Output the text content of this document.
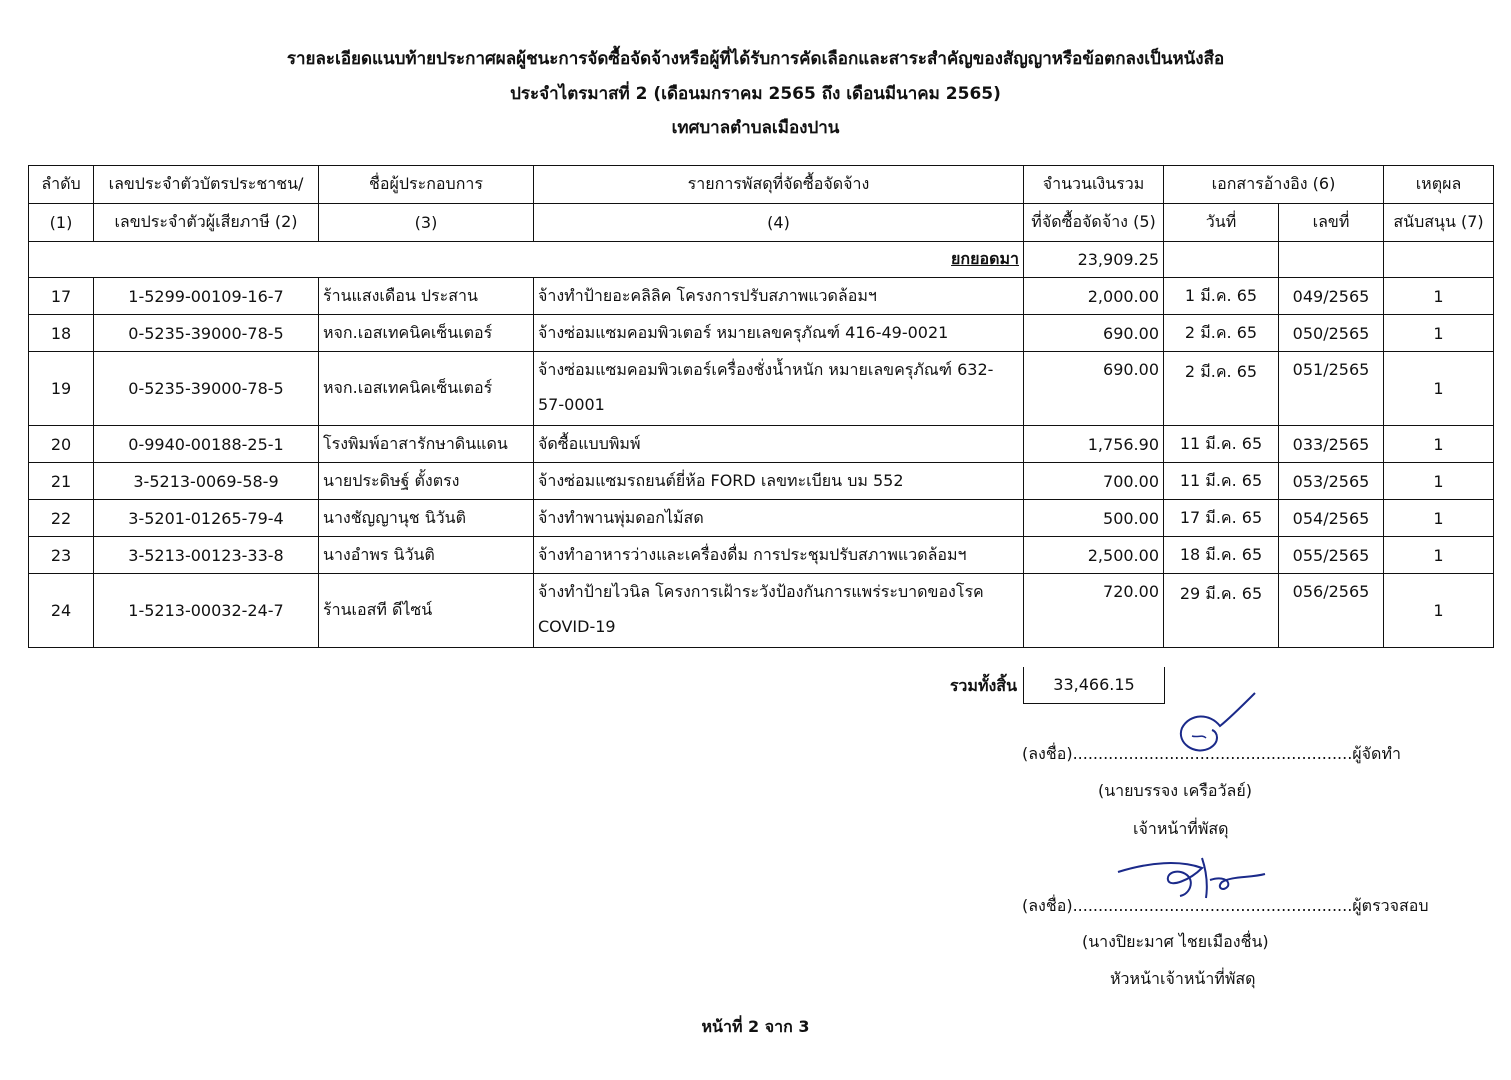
รายละเอียดแนบท้ายประกาศผลผู้ชนะการจัดซื้อจัดจ้างหรือผู้ที่ได้รับการคัดเลือกและสาระสำคัญของสัญญาหรือข้อตกลงเป็นหนังสือ
ประจำไตรมาสที่ 2 (เดือนมกราคม 2565 ถึง เดือนมีนาคม 2565)
เทศบาลตำบลเมืองปาน
ลำดับ	เลขประจำตัวบัตรประชาชน/	ชื่อผู้ประกอบการ	รายการพัสดุที่จัดซื้อจัดจ้าง	จำนวนเงินรวม	เอกสารอ้างอิง (6)		เหตุผล
(1)	เลขประจำตัวผู้เสียภาษี (2)	(3)	(4)	ที่จัดซื้อจัดจ้าง (5)	วันที่	เลขที่	สนับสนุน (7)
ยกยอดมา				23,909.25			
17	1-5299-00109-16-7	ร้านแสงเดือน ประสาน	จ้างทำป้ายอะคลิลิค โครงการปรับสภาพแวดล้อมฯ	2,000.00	1 มี.ค. 65	049/2565	1
18	0-5235-39000-78-5	หจก.เอสเทคนิคเซ็นเตอร์	จ้างซ่อมแซมคอมพิวเตอร์ หมายเลขครุภัณฑ์ 416-49-0021	690.00	2 มี.ค. 65	050/2565	1
19	0-5235-39000-78-5	หจก.เอสเทคนิคเซ็นเตอร์	จ้างซ่อมแซมคอมพิวเตอร์เครื่องชั่งน้ำหนัก หมายเลขครุภัณฑ์ 632-57-0001	690.00	2 มี.ค. 65	051/2565	1
20	0-9940-00188-25-1	โรงพิมพ์อาสารักษาดินแดน	จัดซื้อแบบพิมพ์	1,756.90	11 มี.ค. 65	033/2565	1
21	3-5213-0069-58-9	นายประดิษฐ์ ตั้งตรง	จ้างซ่อมแซมรถยนต์ยี่ห้อ FORD เลขทะเบียน บม 552	700.00	11 มี.ค. 65	053/2565	1
22	3-5201-01265-79-4	นางชัญญานุช นิวันติ	จ้างทำพานพุ่มดอกไม้สด	500.00	17 มี.ค. 65	054/2565	1
23	3-5213-00123-33-8	นางอำพร นิวันติ	จ้างทำอาหารว่างและเครื่องดื่ม การประชุมปรับสภาพแวดล้อมฯ	2,500.00	18 มี.ค. 65	055/2565	1
24	1-5213-00032-24-7	ร้านเอสที ดีไซน์	จ้างทำป้ายไวนิล โครงการเฝ้าระวังป้องกันการแพร่ระบาดของโรค COVID-19	720.00	29 มี.ค. 65	056/2565	1
รวมทั้งสิ้น	33,466.15
(ลงชื่อ).......................................................ผู้จัดทำ
(นายบรรจง เครือวัลย์)
เจ้าหน้าที่พัสดุ
(ลงชื่อ).......................................................ผู้ตรวจสอบ
(นางปิยะมาศ ไชยเมืองชื่น)
หัวหน้าเจ้าหน้าที่พัสดุ
หน้าที่ 2 จาก 3
